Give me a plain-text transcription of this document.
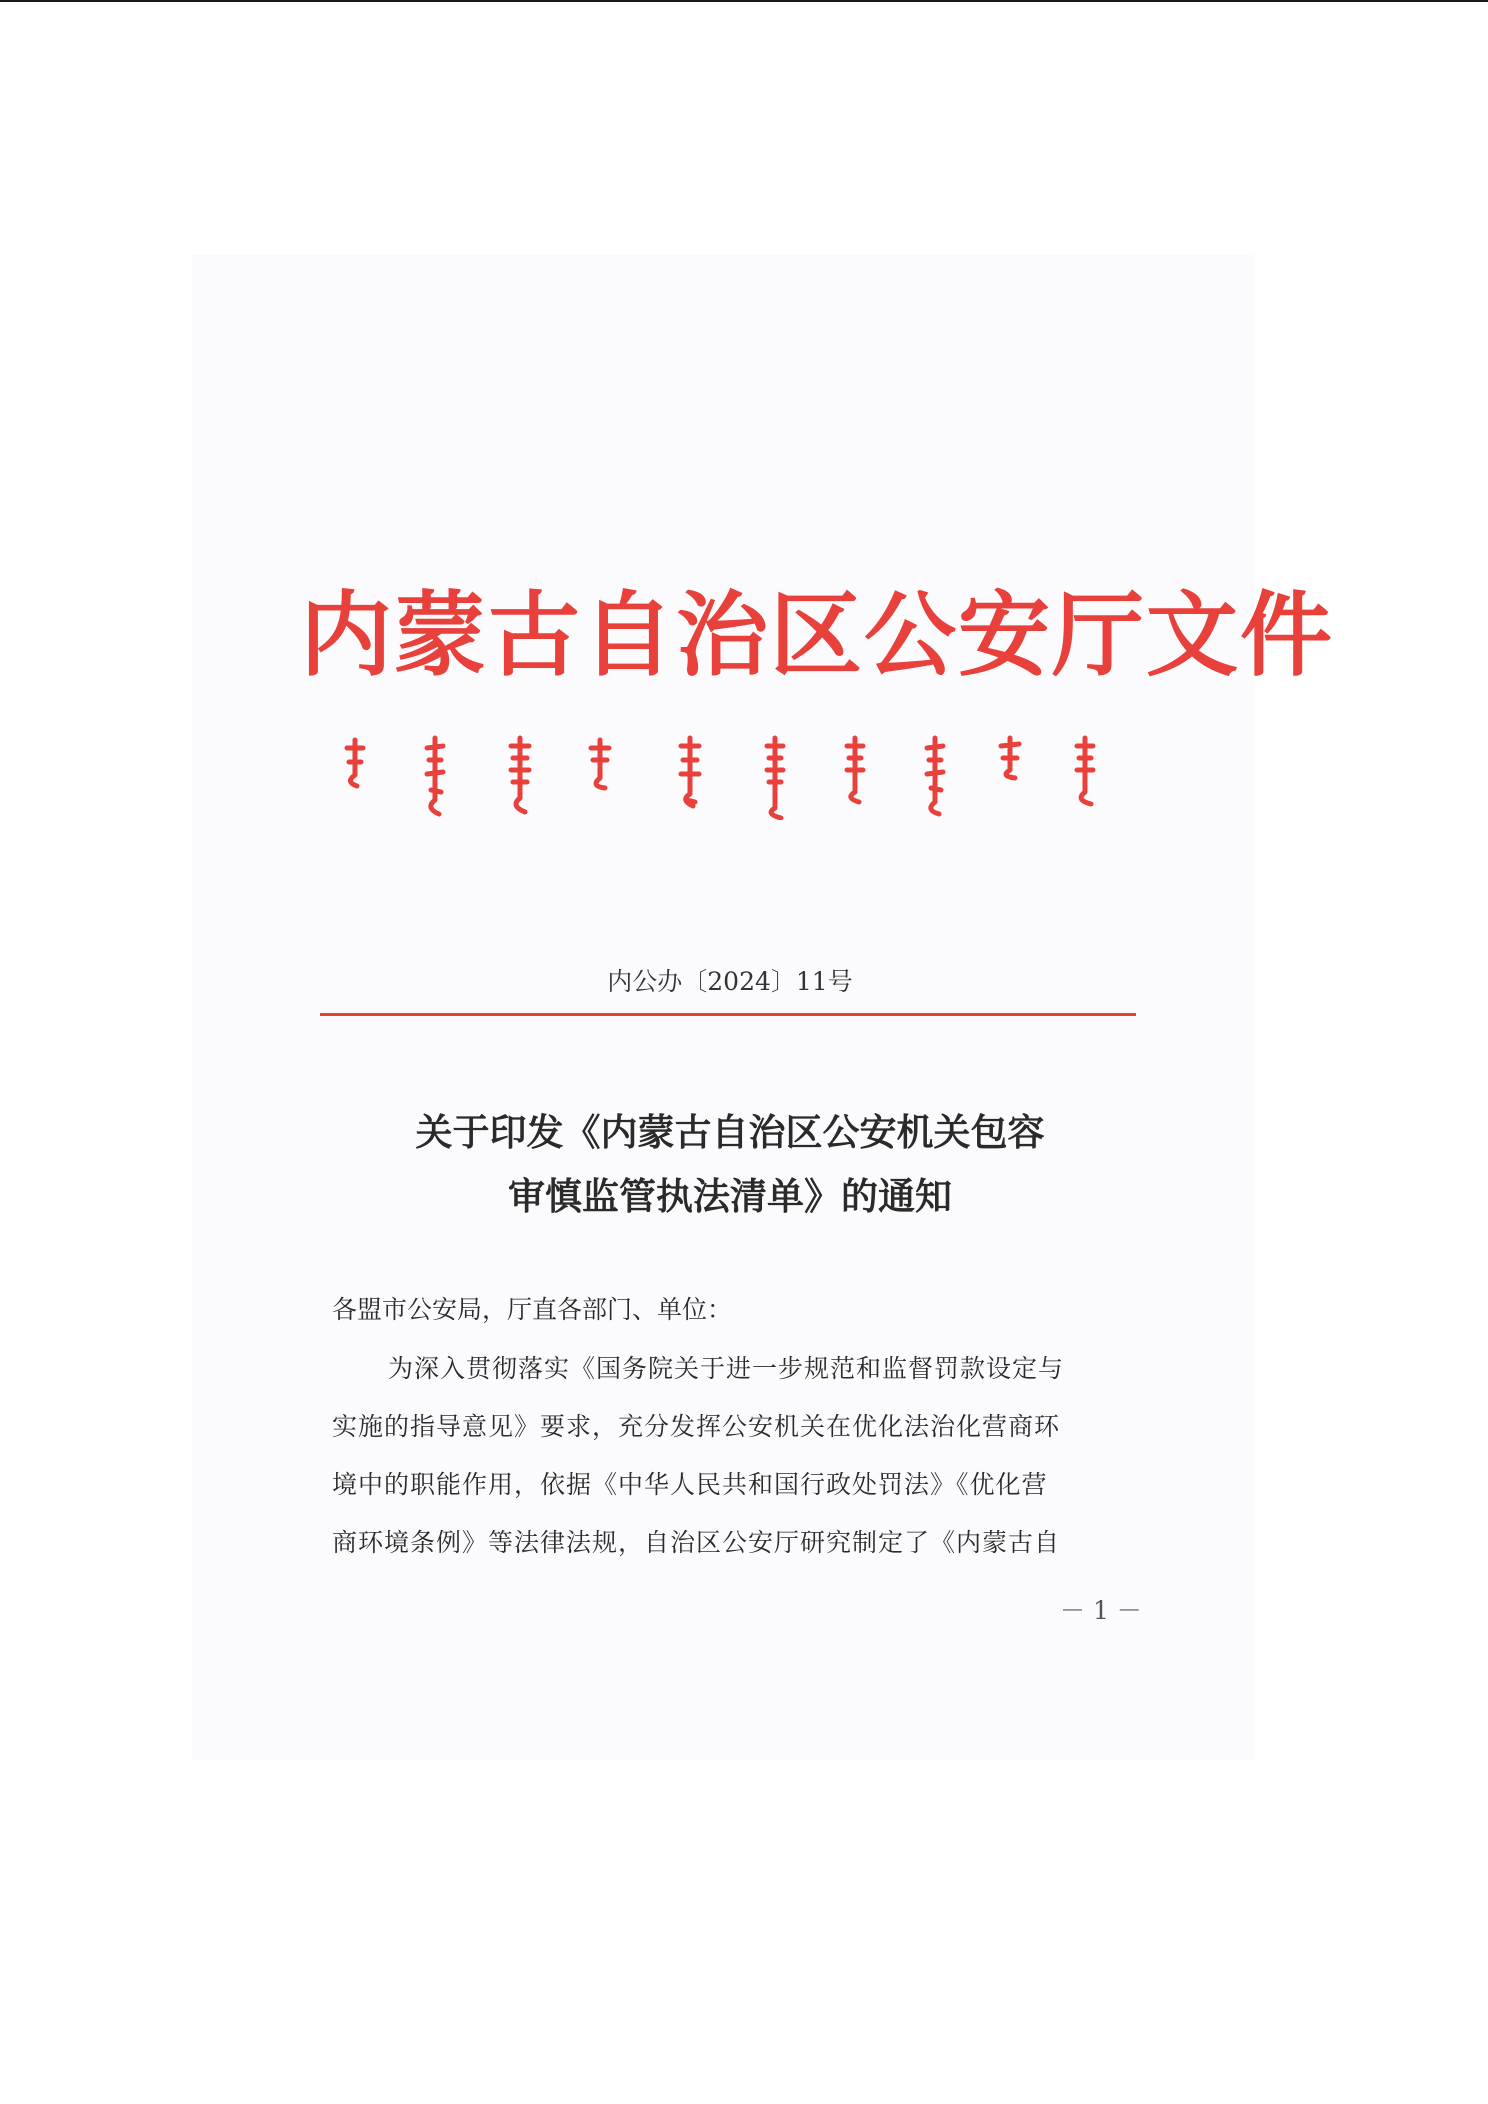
内蒙古自治区公安厅文件
内公办〔2024〕11号
关于印发《内蒙古自治区公安机关包容
审慎监管执法清单》的通知
各盟市公安局，厅直各部门、单位：
为深入贯彻落实《国务院关于进一步规范和监督罚款设定与
实施的指导意见》要求，充分发挥公安机关在优化法治化营商环
境中的职能作用，依据《中华人民共和国行政处罚法》《优化营
商环境条例》等法律法规，自治区公安厅研究制定了《内蒙古自
－ 1 －
